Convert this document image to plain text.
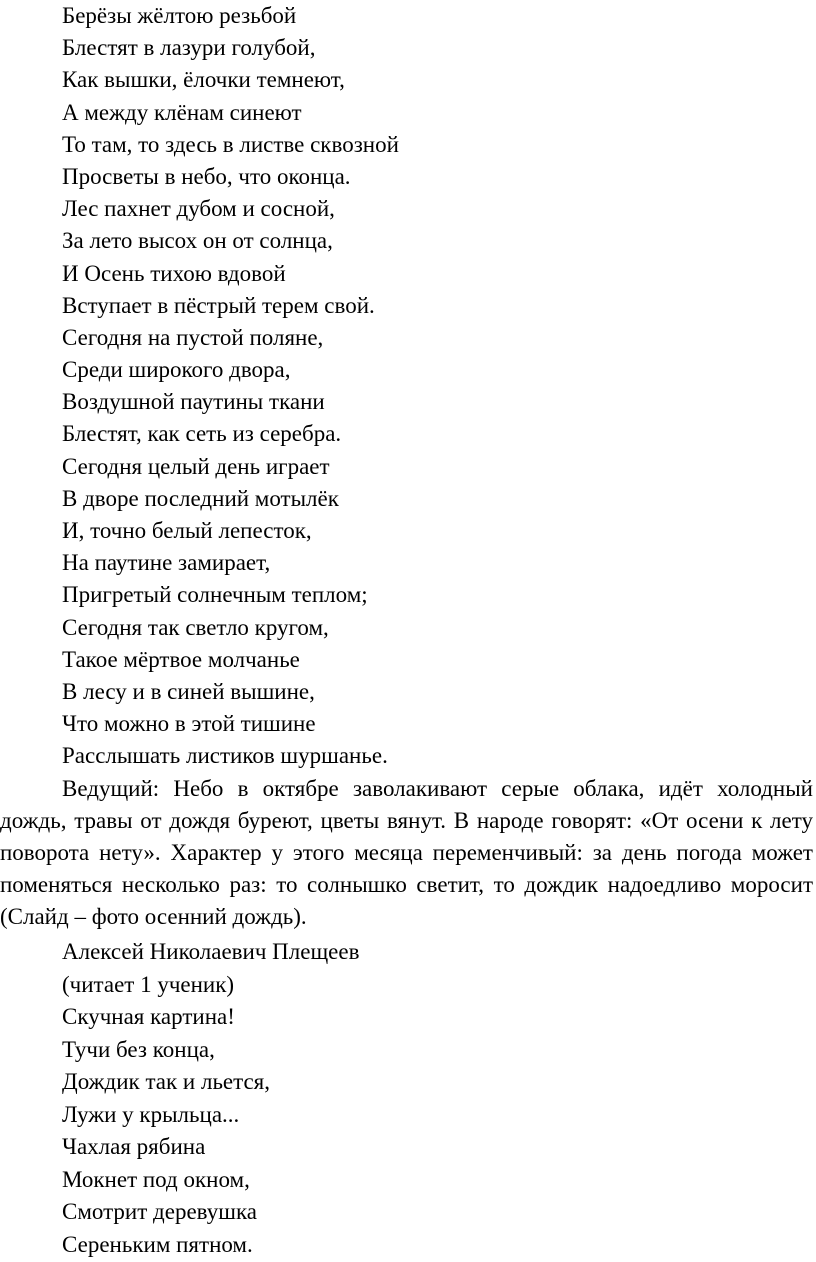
Берёзы жёлтою резьбой
Блестят в лазури голубой,
Как вышки, ёлочки темнеют,
А между клёнам синеют
То там, то здесь в листве сквозной
Просветы в небо, что оконца.
Лес пахнет дубом и сосной,
За лето высох он от солнца,
И Осень тихою вдовой
Вступает в пёстрый терем свой.
Сегодня на пустой поляне,
Среди широкого двора,
Воздушной паутины ткани
Блестят, как сеть из серебра.
Сегодня целый день играет
В дворе последний мотылёк
И, точно белый лепесток,
На паутине замирает,
Пригретый солнечным теплом;
Сегодня так светло кругом,
Такое мёртвое молчанье
В лесу и в синей вышине,
Что можно в этой тишине
Расслышать листиков шуршанье.

Ведущий: Небо в октябре заволакивают серые облака, идёт холодный дождь, травы от дождя буреют, цветы вянут. В народе говорят: «От осени к лету поворота нету». Характер у этого месяца переменчивый: за день погода может поменяться несколько раз: то солнышко светит, то дождик надоедливо моросит (Слайд – фото осенний дождь).

Алексей Николаевич Плещеев
(читает 1 ученик)
Скучная картина!
Тучи без конца,
Дождик так и льется,
Лужи у крыльца...
Чахлая рябина
Мокнет под окном,
Смотрит деревушка
Сереньким пятном.
